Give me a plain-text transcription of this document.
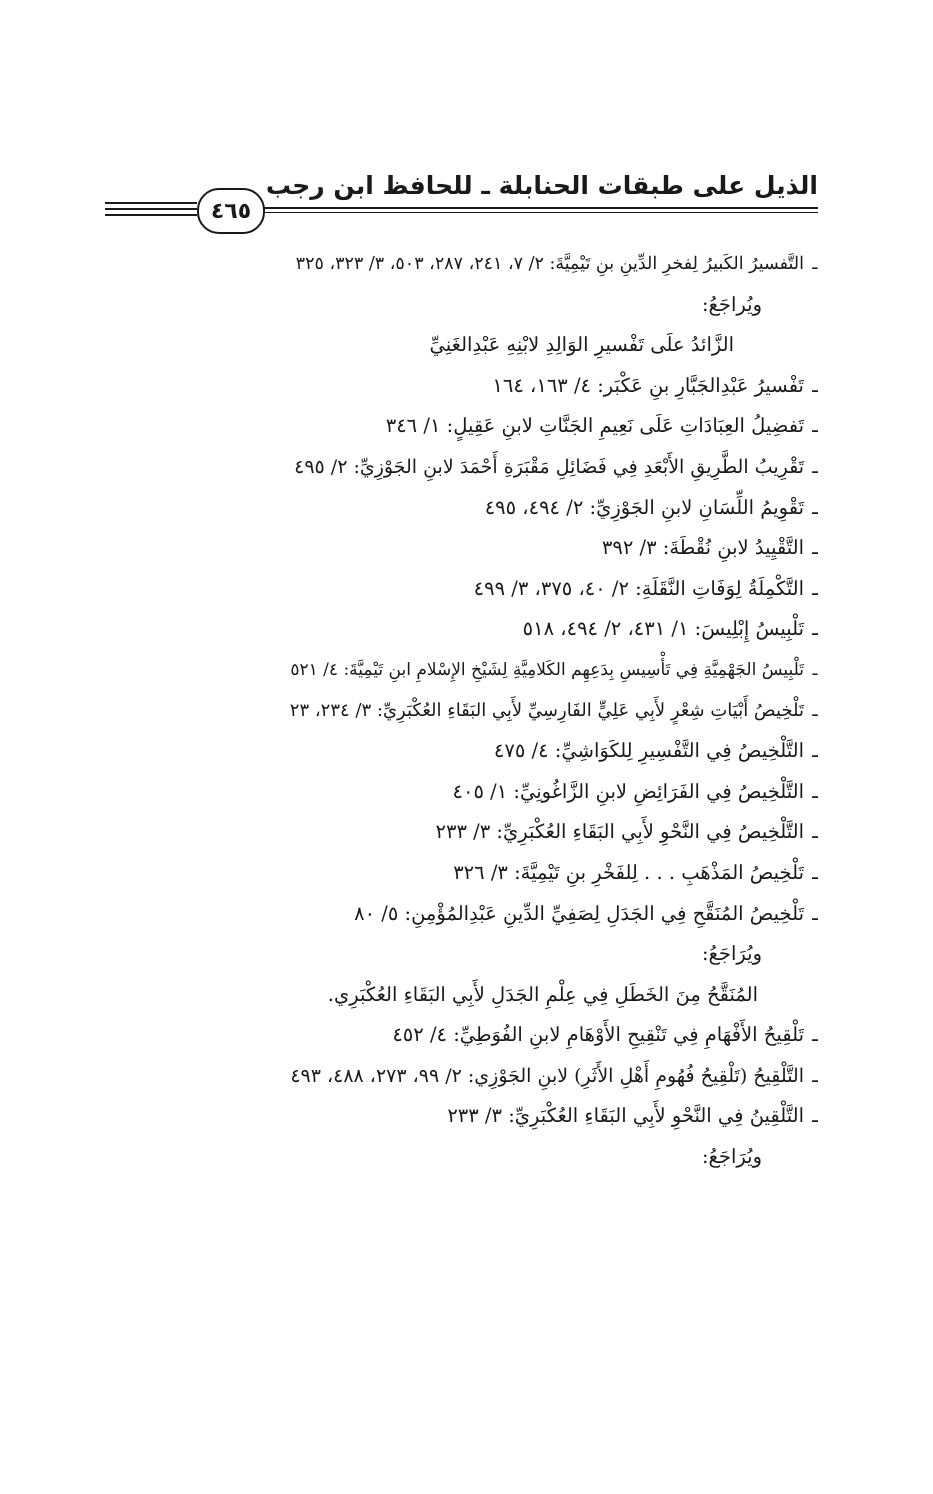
الذيل على طبقات الحنابلة ـ للحافظ ابن رجب
٤٦٥
ـالتَّفسيرُ الكَبيرُ لِفخرِ الدِّينِ بنِ تَيْمِيَّةَ: ٢/ ٧، ٢٤١، ٢٨٧، ٥٠٣، ٣/ ٣٢٣، ٣٢٥
ويُراجَعُ:
الزَّائدُ علَى تَفْسيرِ الوَالِدِ لابْنِهِ عَبْدِالغَنِيِّ
ـتَفْسيرُ عَبْدِالجَبَّارِ بنِ عَكْبَر: ٤/ ١٦٣، ١٦٤
ـتَفضِيلُ العِبَادَاتِ عَلَى نَعِيمِ الجَنَّاتِ لابنِ عَقِيلٍ: ١/ ٣٤٦
ـتَقْرِيبُ الطَّرِيقِ الأَبْعَدِ فِي فَضَائِلِ مَقْبَرَةِ أَحْمَدَ لابنِ الجَوْزِيِّ: ٢/ ٤٩٥
ـتَقْوِيمُ اللِّسَانِ لابنِ الجَوْزِيِّ: ٢/ ٤٩٤، ٤٩٥
ـالتَّقْيِيدُ لابنِ نُقْطَةَ: ٣/ ٣٩٢
ـالتَّكْمِلَةُ لِوَفَاتِ النَّقَلَةِ: ٢/ ٤٠، ٣٧٥، ٣/ ٤٩٩
ـتَلْبِيسُ إِبْلِيسَ: ١/ ٤٣١، ٢/ ٤٩٤، ٥١٨
ـتَلْبِيسُ الجَهْمِيَّةِ فِي تَأْسِيسِ بِدَعِهِم الكَلامِيَّةِ لِشَيْخِ الإِسْلامِ ابنِ تَيْمِيَّةَ: ٤/ ٥٢١
ـتَلْخِيصُ أَبْيَاتِ شِعْرٍ لأَبِي عَلِيٍّ الفَارِسِيِّ لأَبِي البَقَاءِ العُكْبَرِيِّ: ٣/ ٢٣٤، ٢٣
ـالتَّلْخِيصُ فِي التَّفْسِيرِ لِلكَوَاشِيِّ: ٤/ ٤٧٥
ـالتَّلْخِيصُ فِي الفَرَائِضِ لابنِ الزَّاغُونِيِّ: ١/ ٤٠٥
ـالتَّلْخِيصُ فِي النَّحْوِ لأَبِي البَقَاءِ العُكْبَرِيِّ: ٣/ ٢٣٣
ـتَلْخِيصُ المَذْهَبِ . . . لِلفَخْرِ بنِ تَيْمِيَّةَ: ٣/ ٣٢٦
ـتَلْخِيصُ المُنَقَّحِ فِي الجَدَلِ لِصَفِيِّ الدِّينِ عَبْدِالمُؤْمِنِ: ٥/ ٨٠
ويُرَاجَعُ:
المُنَقَّحُ مِنَ الخَطَلِ فِي عِلْمِ الجَدَلِ لأَبِي البَقَاءِ العُكْبَرِي.
ـتَلْقِيحُ الأَفْهَامِ فِي تَنْقِيحِ الأَوْهَامِ لابنِ الفُوَطِيِّ: ٤/ ٤٥٢
ـالتَّلْقِيحُ (تَلْقِيحُ فُهُومِ أَهْلِ الأَثَرِ) لابنِ الجَوْزِي: ٢/ ٩٩، ٢٧٣، ٤٨٨، ٤٩٣
ـالتَّلْقِينُ فِي النَّحْوِ لأَبِي البَقَاءِ العُكْبَرِيِّ: ٣/ ٢٣٣
ويُرَاجَعُ:
